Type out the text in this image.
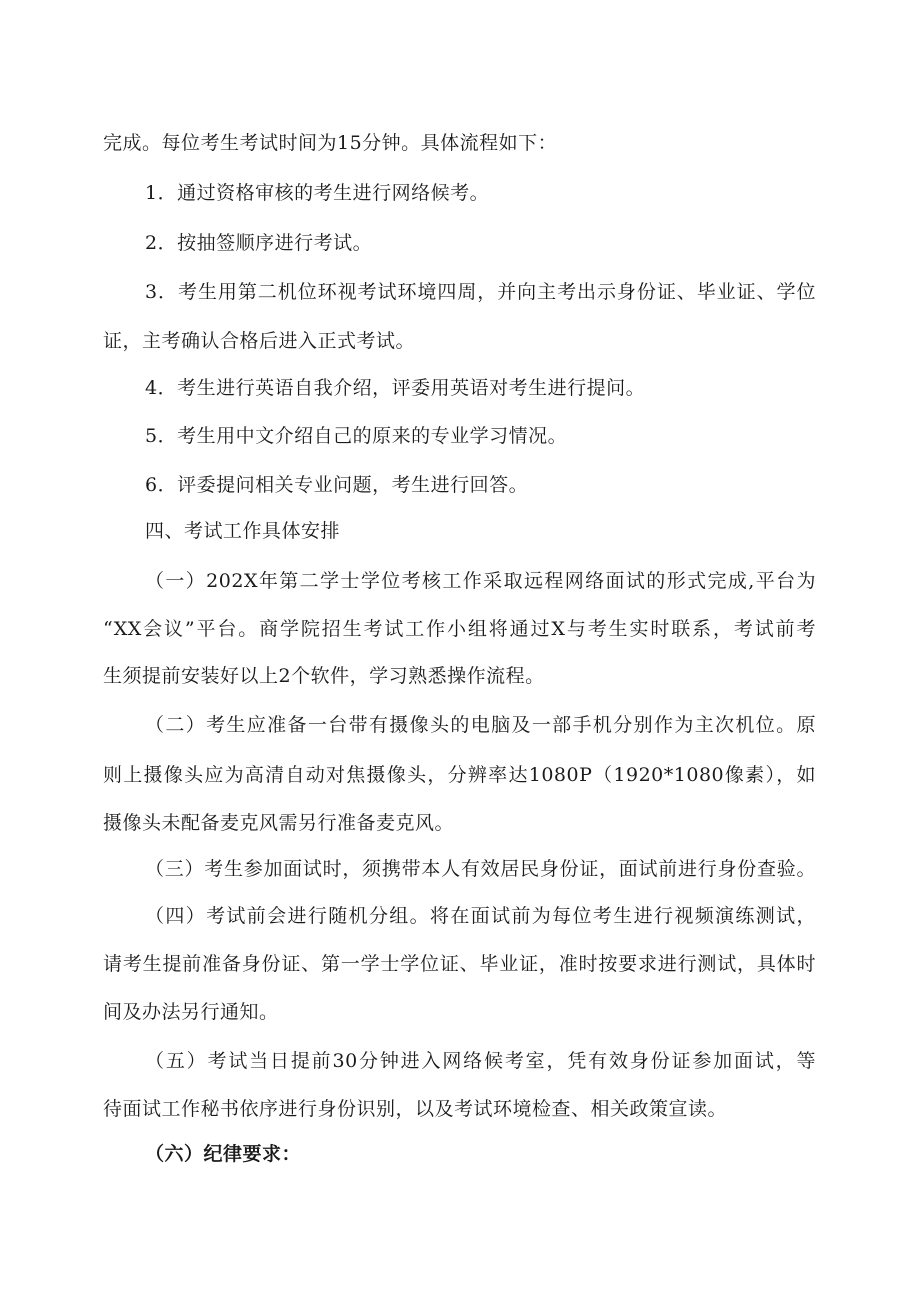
完成。每位考生考试时间为15分钟。具体流程如下：
1．通过资格审核的考生进行网络候考。
2．按抽签顺序进行考试。
3．考生用第二机位环视考试环境四周，并向主考出示身份证、毕业证、学位
证，主考确认合格后进入正式考试。
4．考生进行英语自我介绍，评委用英语对考生进行提问。
5．考生用中文介绍自己的原来的专业学习情况。
6．评委提问相关专业问题，考生进行回答。
四、考试工作具体安排
（一）202X年第二学士学位考核工作采取远程网络面试的形式完成,平台为
“XX会议”平台。商学院招生考试工作小组将通过X与考生实时联系，考试前考
生须提前安装好以上2个软件，学习熟悉操作流程。
（二）考生应准备一台带有摄像头的电脑及一部手机分别作为主次机位。原
则上摄像头应为高清自动对焦摄像头，分辨率达1080P（1920*1080像素），如
摄像头未配备麦克风需另行准备麦克风。
（三）考生参加面试时，须携带本人有效居民身份证，面试前进行身份查验。
（四）考试前会进行随机分组。将在面试前为每位考生进行视频演练测试，
请考生提前准备身份证、第一学士学位证、毕业证，准时按要求进行测试，具体时
间及办法另行通知。
（五）考试当日提前30分钟进入网络候考室，凭有效身份证参加面试，等
待面试工作秘书依序进行身份识别，以及考试环境检查、相关政策宣读。
（六）纪律要求：
